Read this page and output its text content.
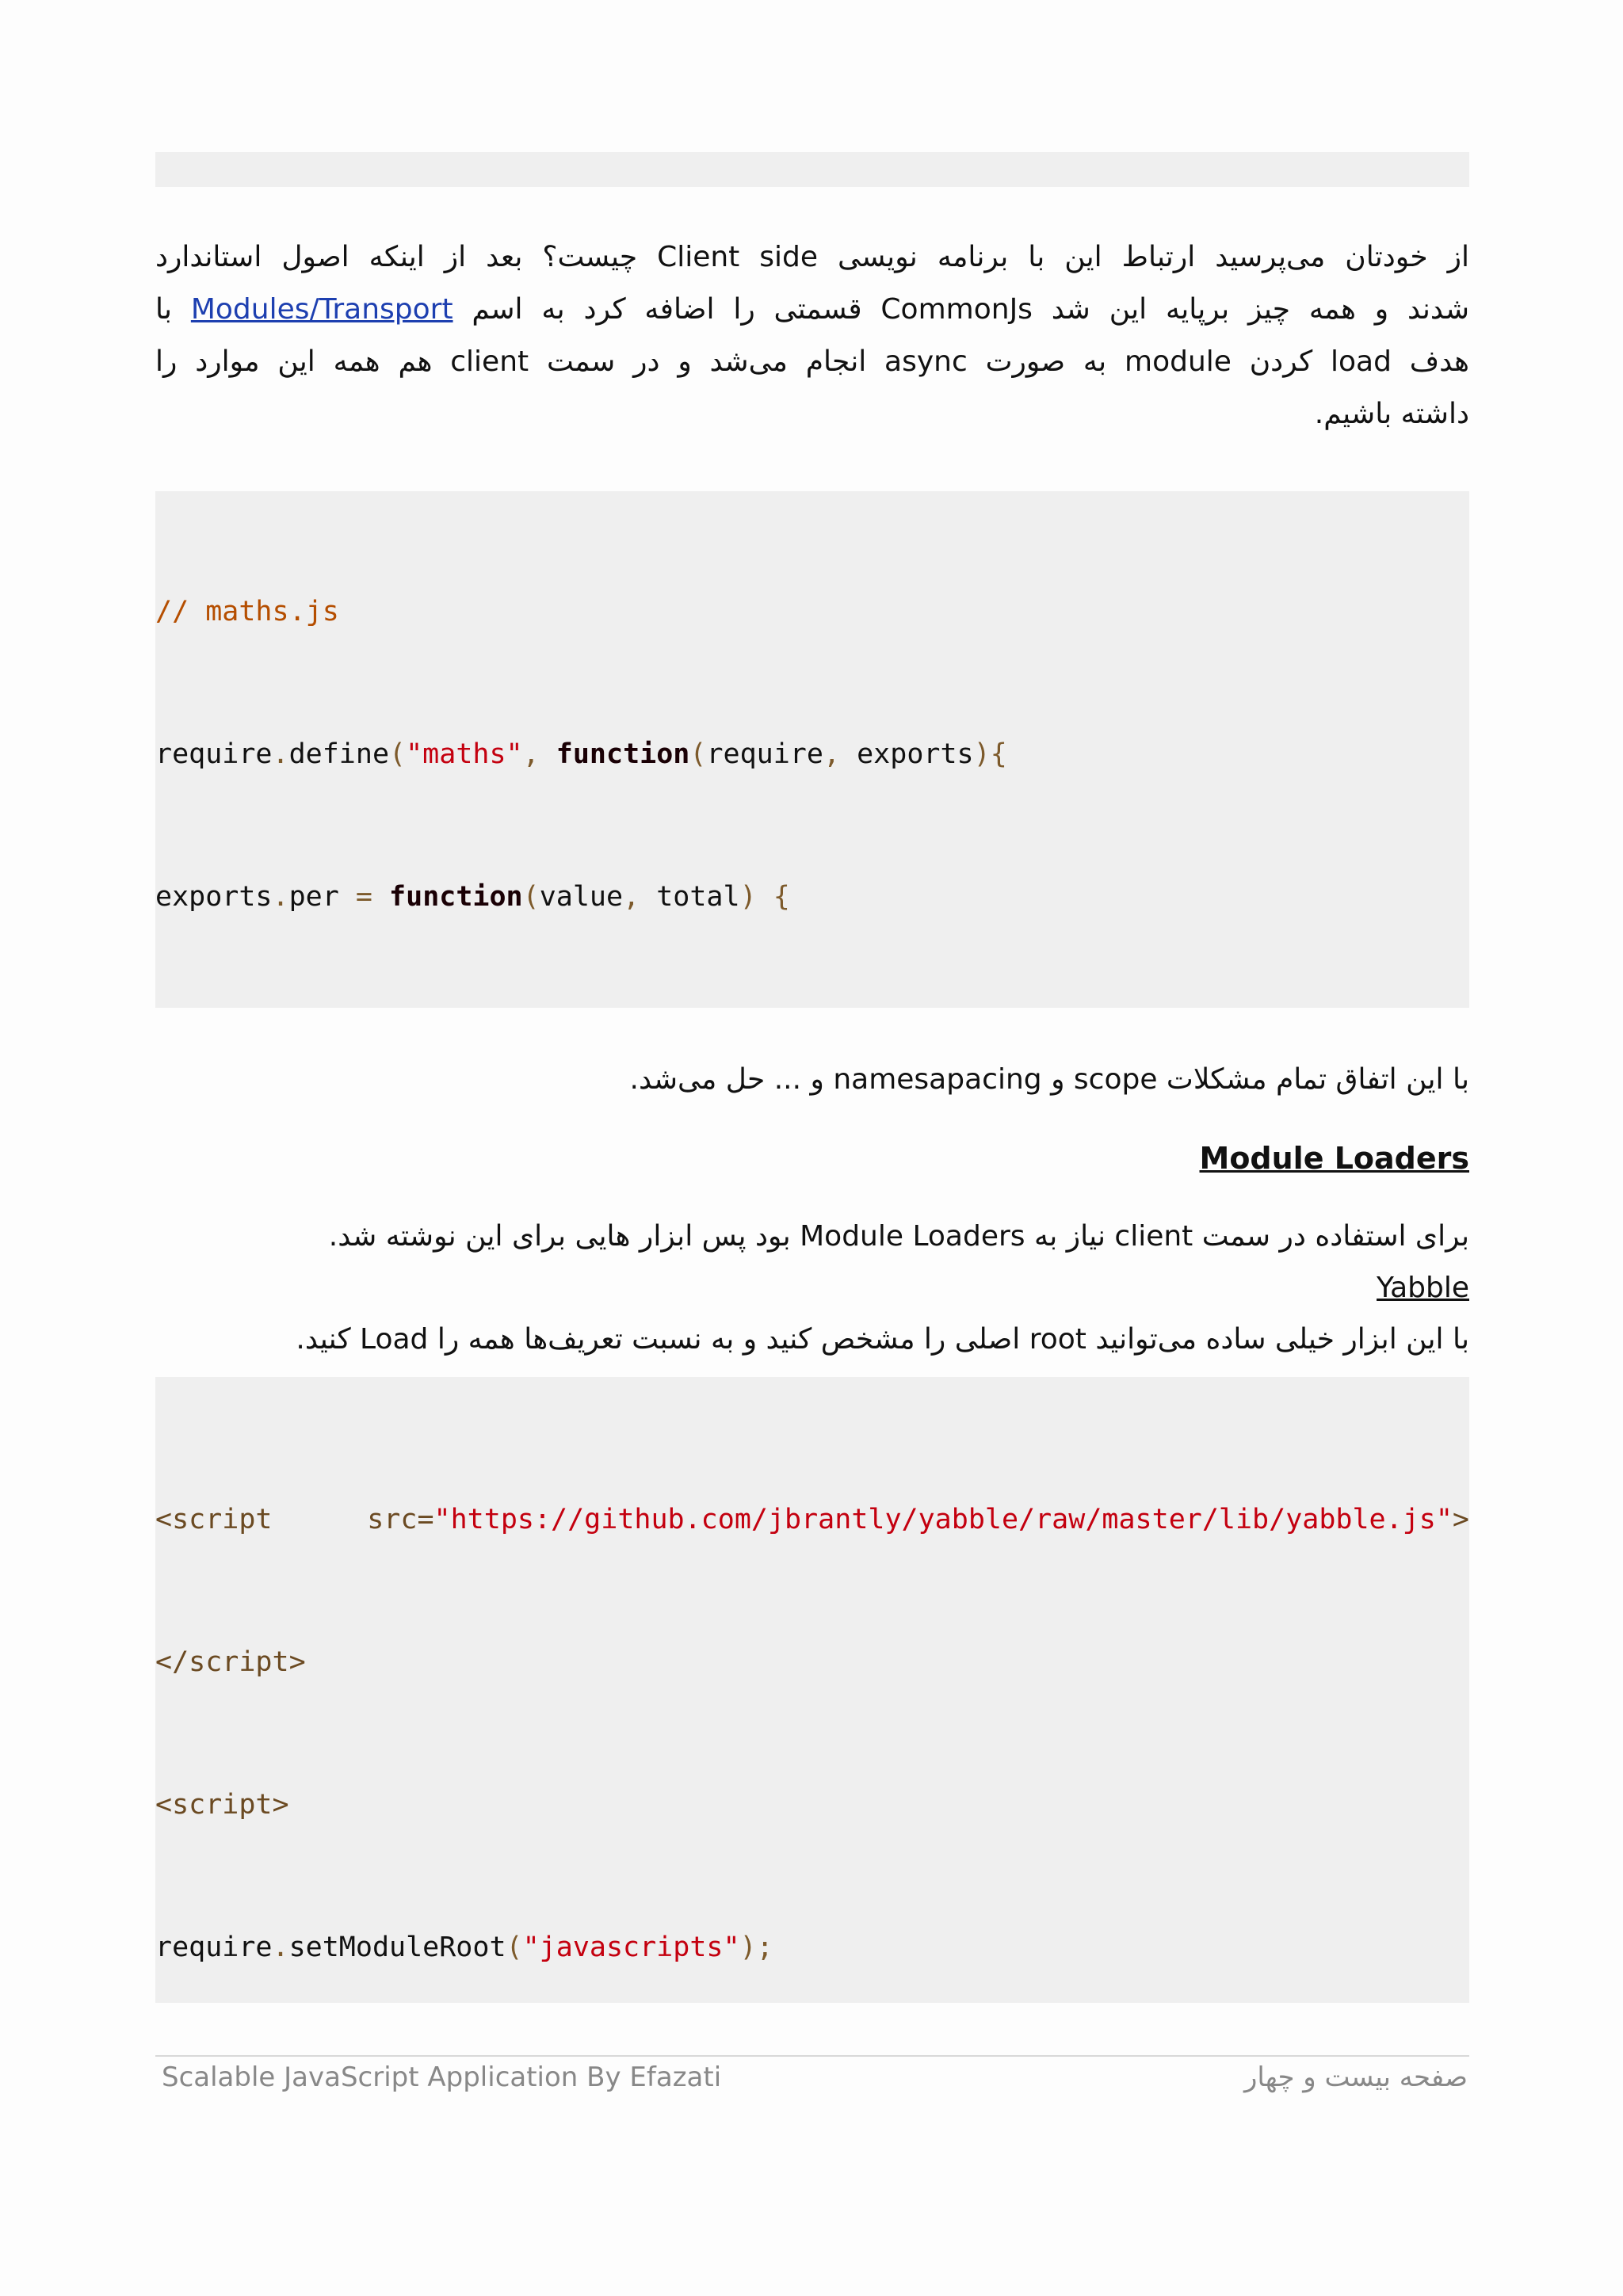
از خودتان می‌پرسید ارتباط این با برنامه نویسی Client side چیست؟ بعد از اینکه اصول استاندارد
شدند و همه چیز برپایه این شد CommonJs قسمتی را اضافه کرد به اسم Modules/Transport با
هدف load کردن module به صورت async انجام می‌شد و در سمت client هم همه این موارد را
داشته باشیم.

// maths.js

require.define("maths", function(require, exports){

exports.per = function(value, total) {

با این اتفاق تمام مشکلات scope و namesapacing و ... حل می‌شد.
Module Loaders
برای استفاده در سمت client نیاز به Module Loaders بود پس ابزار هایی برای این نوشته شد.
Yabble
با این ابزار خیلی ساده می‌توانید root اصلی را مشخص کنید و به نسبت تعریف‌ها همه را Load کنید.

<script	src="https://github.com/jbrantly/yabble/raw/master/lib/yabble.js">

</script>

<script>

require.setModuleRoot("javascripts");

Scalable JavaScript Application By Efazati	صفحه بیست و چهار
